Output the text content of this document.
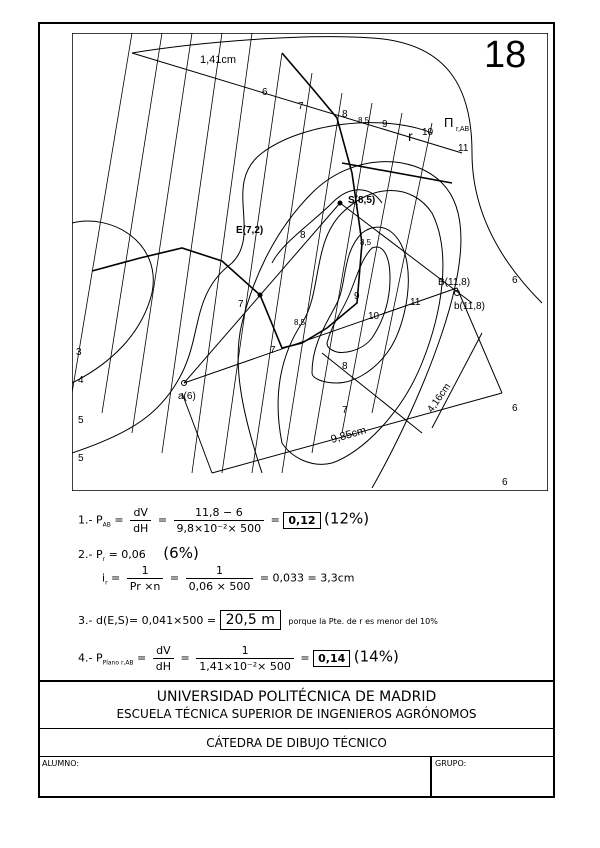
18
1,41cm
4,16cm
9,85cm
S(8,5)
E(7,2)
B(11,8)
b(11,8)
a(6)
r
Π r,AB
3
4
5
5
6
7
8
8,5 9
10
11
6
6
6
7
7
8
8
8,5
9
10
11
8,5
7
1.- $P_{AB} = \frac{dV}{dH} = \frac{11,8 - 6}{\text{9,8×10⁻²× 500}} = 0,12$ (12%)
2.- $P_r = 0,06$ (6%)
$i_r = \frac{1}{Pr \times n} = \frac{1}{0,06 \times 500} = 0,033 = 3,3cm$
3.- d(E,S)= 0,041×500 = 20,5 m porque la Pte. de r es menor del 10%
4.- $P_{Plano r,AB} = \frac{dV}{dH} = \frac{1}{\text{1,41×10⁻²× 500}} = 0,14$ (14%)
UNIVERSIDAD POLITÉCNICA DE MADRID
ESCUELA TÉCNICA SUPERIOR DE INGENIEROS AGRÓNOMOS
CÁTEDRA DE DIBUJO TÉCNICO
ALUMNO:	GRUPO:
